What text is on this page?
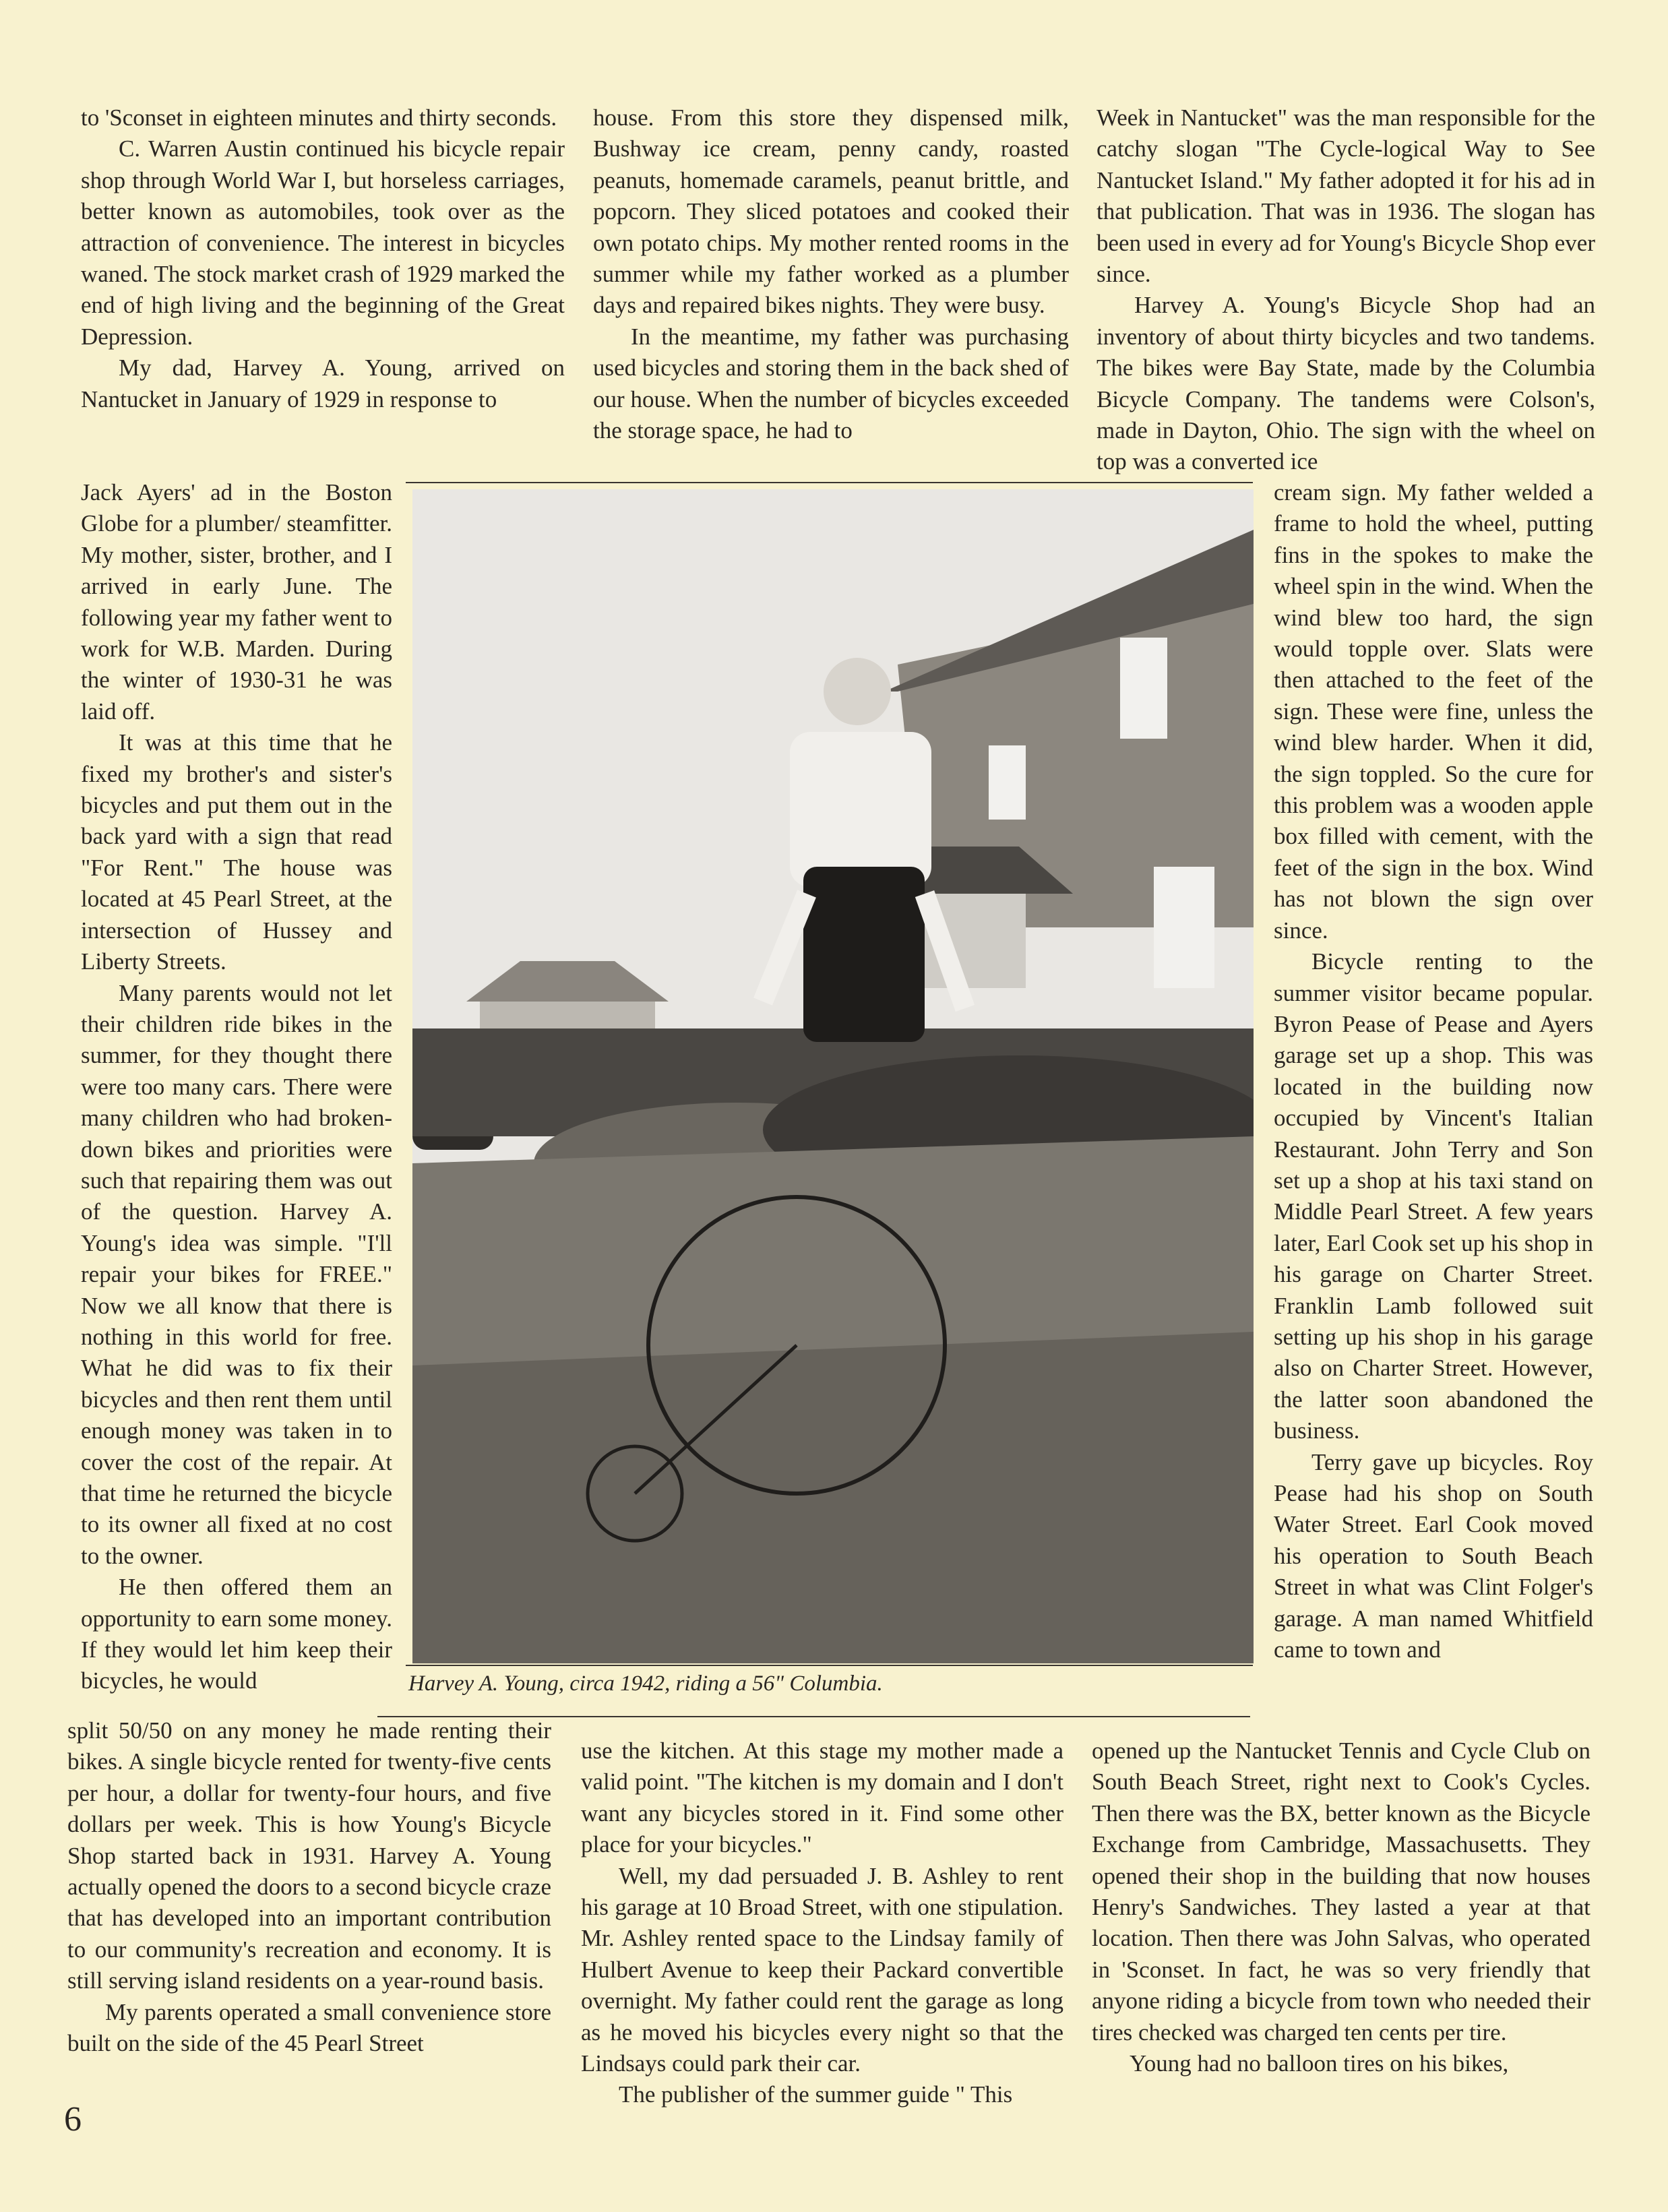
to 'Sconset in eighteen minutes and thirty seconds.

C. Warren Austin continued his bicycle repair shop through World War I, but horseless carriages, better known as automobiles, took over as the attraction of convenience. The interest in bicycles waned. The stock market crash of 1929 marked the end of high living and the beginning of the Great Depression.

My dad, Harvey A. Young, arrived on Nantucket in January of 1929 in response to

Jack Ayers' ad in the Boston Globe for a plumber/ steamfitter. My mother, sister, brother, and I arrived in early June. The following year my father went to work for W.B. Marden. During the winter of 1930-31 he was laid off.

It was at this time that he fixed my brother's and sister's bicycles and put them out in the back yard with a sign that read "For Rent." The house was located at 45 Pearl Street, at the intersection of Hussey and Liberty Streets.

Many parents would not let their children ride bikes in the summer, for they thought there were too many cars. There were many children who had broken-down bikes and priorities were such that repairing them was out of the question. Harvey A. Young's idea was simple. "I'll repair your bikes for FREE." Now we all know that there is nothing in this world for free. What he did was to fix their bicycles and then rent them until enough money was taken in to cover the cost of the repair. At that time he returned the bicycle to its owner all fixed at no cost to the owner.

He then offered them an opportunity to earn some money. If they would let him keep their bicycles, he would

split 50/50 on any money he made renting their bikes. A single bicycle rented for twenty-five cents per hour, a dollar for twenty-four hours, and five dollars per week. This is how Young's Bicycle Shop started back in 1931. Harvey A. Young actually opened the doors to a second bicycle craze that has developed into an important contribution to our community's recreation and economy. It is still serving island residents on a year-round basis.

My parents operated a small convenience store built on the side of the 45 Pearl Street

house. From this store they dispensed milk, Bushway ice cream, penny candy, roasted peanuts, homemade caramels, peanut brittle, and popcorn. They sliced potatoes and cooked their own potato chips. My mother rented rooms in the summer while my father worked as a plumber days and repaired bikes nights. They were busy.

In the meantime, my father was purchasing used bicycles and storing them in the back shed of our house. When the number of bicycles exceeded the storage space, he had to

use the kitchen. At this stage my mother made a valid point. "The kitchen is my domain and I don't want any bicycles stored in it. Find some other place for your bicycles."

Well, my dad persuaded J. B. Ashley to rent his garage at 10 Broad Street, with one stipulation. Mr. Ashley rented space to the Lindsay family of Hulbert Avenue to keep their Packard convertible overnight. My father could rent the garage as long as he moved his bicycles every night so that the Lindsays could park their car.

The publisher of the summer guide " This

Week in Nantucket" was the man responsible for the catchy slogan "The Cycle-logical Way to See Nantucket Island." My father adopted it for his ad in that publication. That was in 1936. The slogan has been used in every ad for Young's Bicycle Shop ever since.

Harvey A. Young's Bicycle Shop had an inventory of about thirty bicycles and two tandems. The bikes were Bay State, made by the Columbia Bicycle Company. The tandems were Colson's, made in Dayton, Ohio. The sign with the wheel on top was a converted ice

cream sign. My father welded a frame to hold the wheel, putting fins in the spokes to make the wheel spin in the wind. When the wind blew too hard, the sign would topple over. Slats were then attached to the feet of the sign. These were fine, unless the wind blew harder. When it did, the sign toppled. So the cure for this problem was a wooden apple box filled with cement, with the feet of the sign in the box. Wind has not blown the sign over since.

Bicycle renting to the summer visitor became popular. Byron Pease of Pease and Ayers garage set up a shop. This was located in the building now occupied by Vincent's Italian Restaurant. John Terry and Son set up a shop at his taxi stand on Middle Pearl Street. A few years later, Earl Cook set up his shop in his garage on Charter Street. Franklin Lamb followed suit setting up his shop in his garage also on Charter Street. However, the latter soon abandoned the business.

Terry gave up bicycles. Roy Pease had his shop on South Water Street. Earl Cook moved his operation to South Beach Street in what was Clint Folger's garage. A man named Whitfield came to town and

opened up the Nantucket Tennis and Cycle Club on South Beach Street, right next to Cook's Cycles. Then there was the BX, better known as the Bicycle Exchange from Cambridge, Massachusetts. They opened their shop in the building that now houses Henry's Sandwiches. They lasted a year at that location. Then there was John Salvas, who operated in 'Sconset. In fact, he was so very friendly that anyone riding a bicycle from town who needed their tires checked was charged ten cents per tire.

Young had no balloon tires on his bikes,

Harvey A. Young, circa 1942, riding a 56" Columbia.
6
